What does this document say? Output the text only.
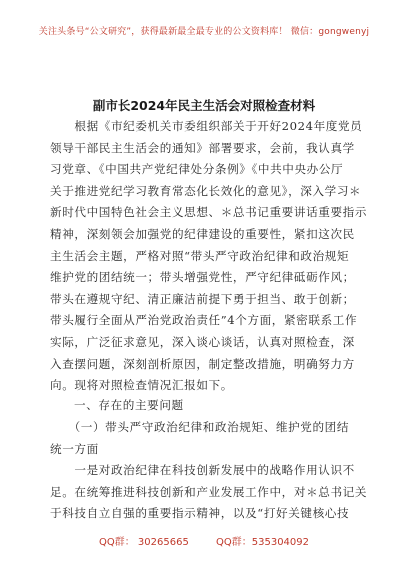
关注头条号“公文研究”，获得最新最全最专业的公文资料库！ 微信：gongwenyj
副市长2024年民主生活会对照检查材料
　　根据《市纪委机关市委组织部关于开好2024年度党员
领导干部民主生活会的通知》部署要求，会前，我认真学
习党章、《中国共产党纪律处分条例》《中共中央办公厅
关于推进党纪学习教育常态化长效化的意见》，深入学习＊
新时代中国特色社会主义思想、＊总书记重要讲话重要指示
精神，深刻领会加强党的纪律建设的重要性，紧扣这次民
主生活会主题，严格对照“带头严守政治纪律和政治规矩
维护党的团结统一；带头增强党性，严守纪律砥砺作风；
带头在遵规守纪、清正廉洁前提下勇于担当、敢于创新；
带头履行全面从严治党政治责任”4个方面，紧密联系工作
实际，广泛征求意见，深入谈心谈话，认真对照检查，深
入查摆问题，深刻剖析原因，制定整改措施，明确努力方
向。现将对照检查情况汇报如下。
一、存在的主要问题
　　（一）带头严守政治纪律和政治规矩、维护党的团结
统一方面
　　一是对政治纪律在科技创新发展中的战略作用认识不
足。在统筹推进科技创新和产业发展工作中，对＊总书记关
于科技自立自强的重要指示精神，以及“打好关键核心技
QQ群： 30265665	QQ群：535304092
